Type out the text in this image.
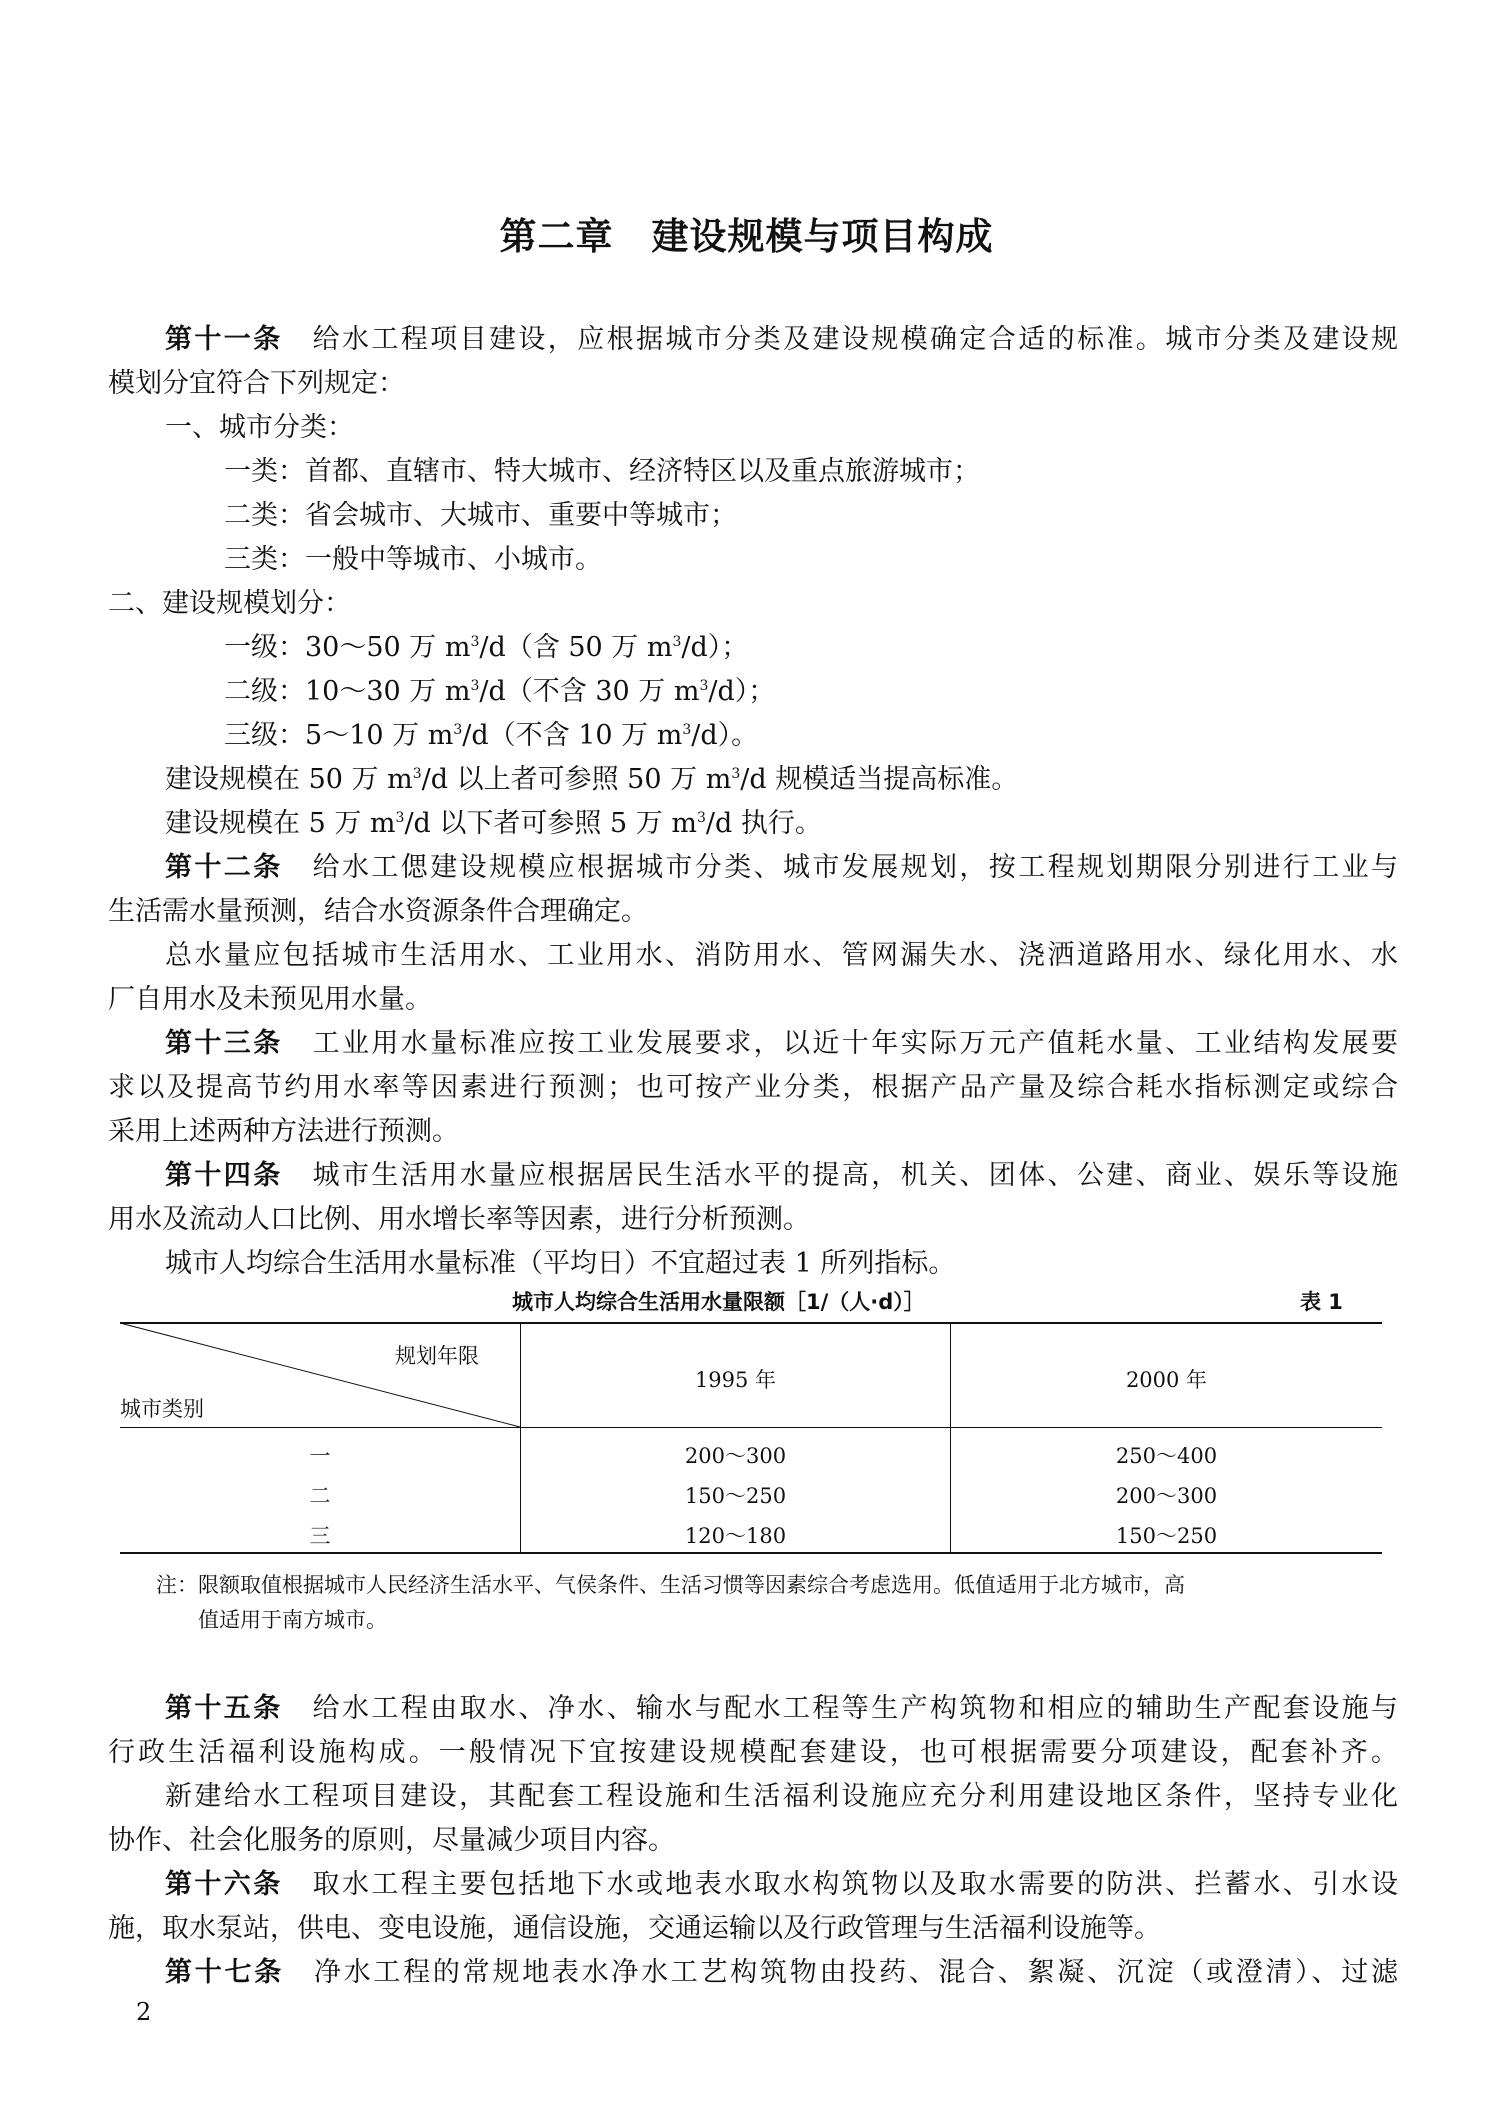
第二章　建设规模与项目构成
第十一条 给水工程项目建设，应根据城市分类及建设规模确定合适的标准。城市分类及建设规
模划分宜符合下列规定：
一、城市分类：
一类：首都、直辖市、特大城市、经济特区以及重点旅游城市；
二类：省会城市、大城市、重要中等城市；
三类：一般中等城市、小城市。
二、建设规模划分：
一级：30～50 万 $m^3/d$（含 50 万 $m^3/d$）；
二级：10～30 万 $m^3/d$（不含 30 万 $m^3/d$）；
三级：5～10 万 $m^3/d$（不含 10 万 $m^3/d$）。
建设规模在 50 万 $m^3/d$ 以上者可参照 50 万 $m^3/d$ 规模适当提高标准。
建设规模在 5 万 $m^3/d$ 以下者可参照 5 万 $m^3/d$ 执行。
第十二条 给水工偲建设规模应根据城市分类、城市发展规划，按工程规划期限分别进行工业与
生活需水量预测，结合水资源条件合理确定。
总水量应包括城市生活用水、工业用水、消防用水、管网漏失水、浇洒道路用水、绿化用水、水
厂自用水及未预见用水量。
第十三条 工业用水量标准应按工业发展要求，以近十年实际万元产值耗水量、工业结构发展要
求以及提高节约用水率等因素进行预测；也可按产业分类，根据产品产量及综合耗水指标测定或综合
采用上述两种方法进行预测。
第十四条 城市生活用水量应根据居民生活水平的提高，机关、团体、公建、商业、娱乐等设施
用水及流动人口比例、用水增长率等因素，进行分析预测。
城市人均综合生活用水量标准（平均日）不宜超过表 1 所列指标。
城市人均综合生活用水量限额［1/（人·d）］	表 1
规划年限
城市类别
1995 年	2000 年
一	200～300	250～400
二	150～250	200～300
三	120～180	150～250
注：限额取值根据城市人民经济生活水平、气侯条件、生活习惯等因素综合考虑选用。低值适用于北方城市，高
值适用于南方城市。
第十五条 给水工程由取水、净水、输水与配水工程等生产构筑物和相应的辅助生产配套设施与
行政生活福利设施构成。一般情况下宜按建设规模配套建设，也可根据需要分项建设，配套补齐。
新建给水工程项目建设，其配套工程设施和生活福利设施应充分利用建设地区条件，坚持专业化
协作、社会化服务的原则，尽量减少项目内容。
第十六条 取水工程主要包括地下水或地表水取水构筑物以及取水需要的防洪、拦蓄水、引水设
施，取水泵站，供电、变电设施，通信设施，交通运输以及行政管理与生活福利设施等。
第十七条 净水工程的常规地表水净水工艺构筑物由投药、混合、絮凝、沉淀（或澄清）、过滤
2
